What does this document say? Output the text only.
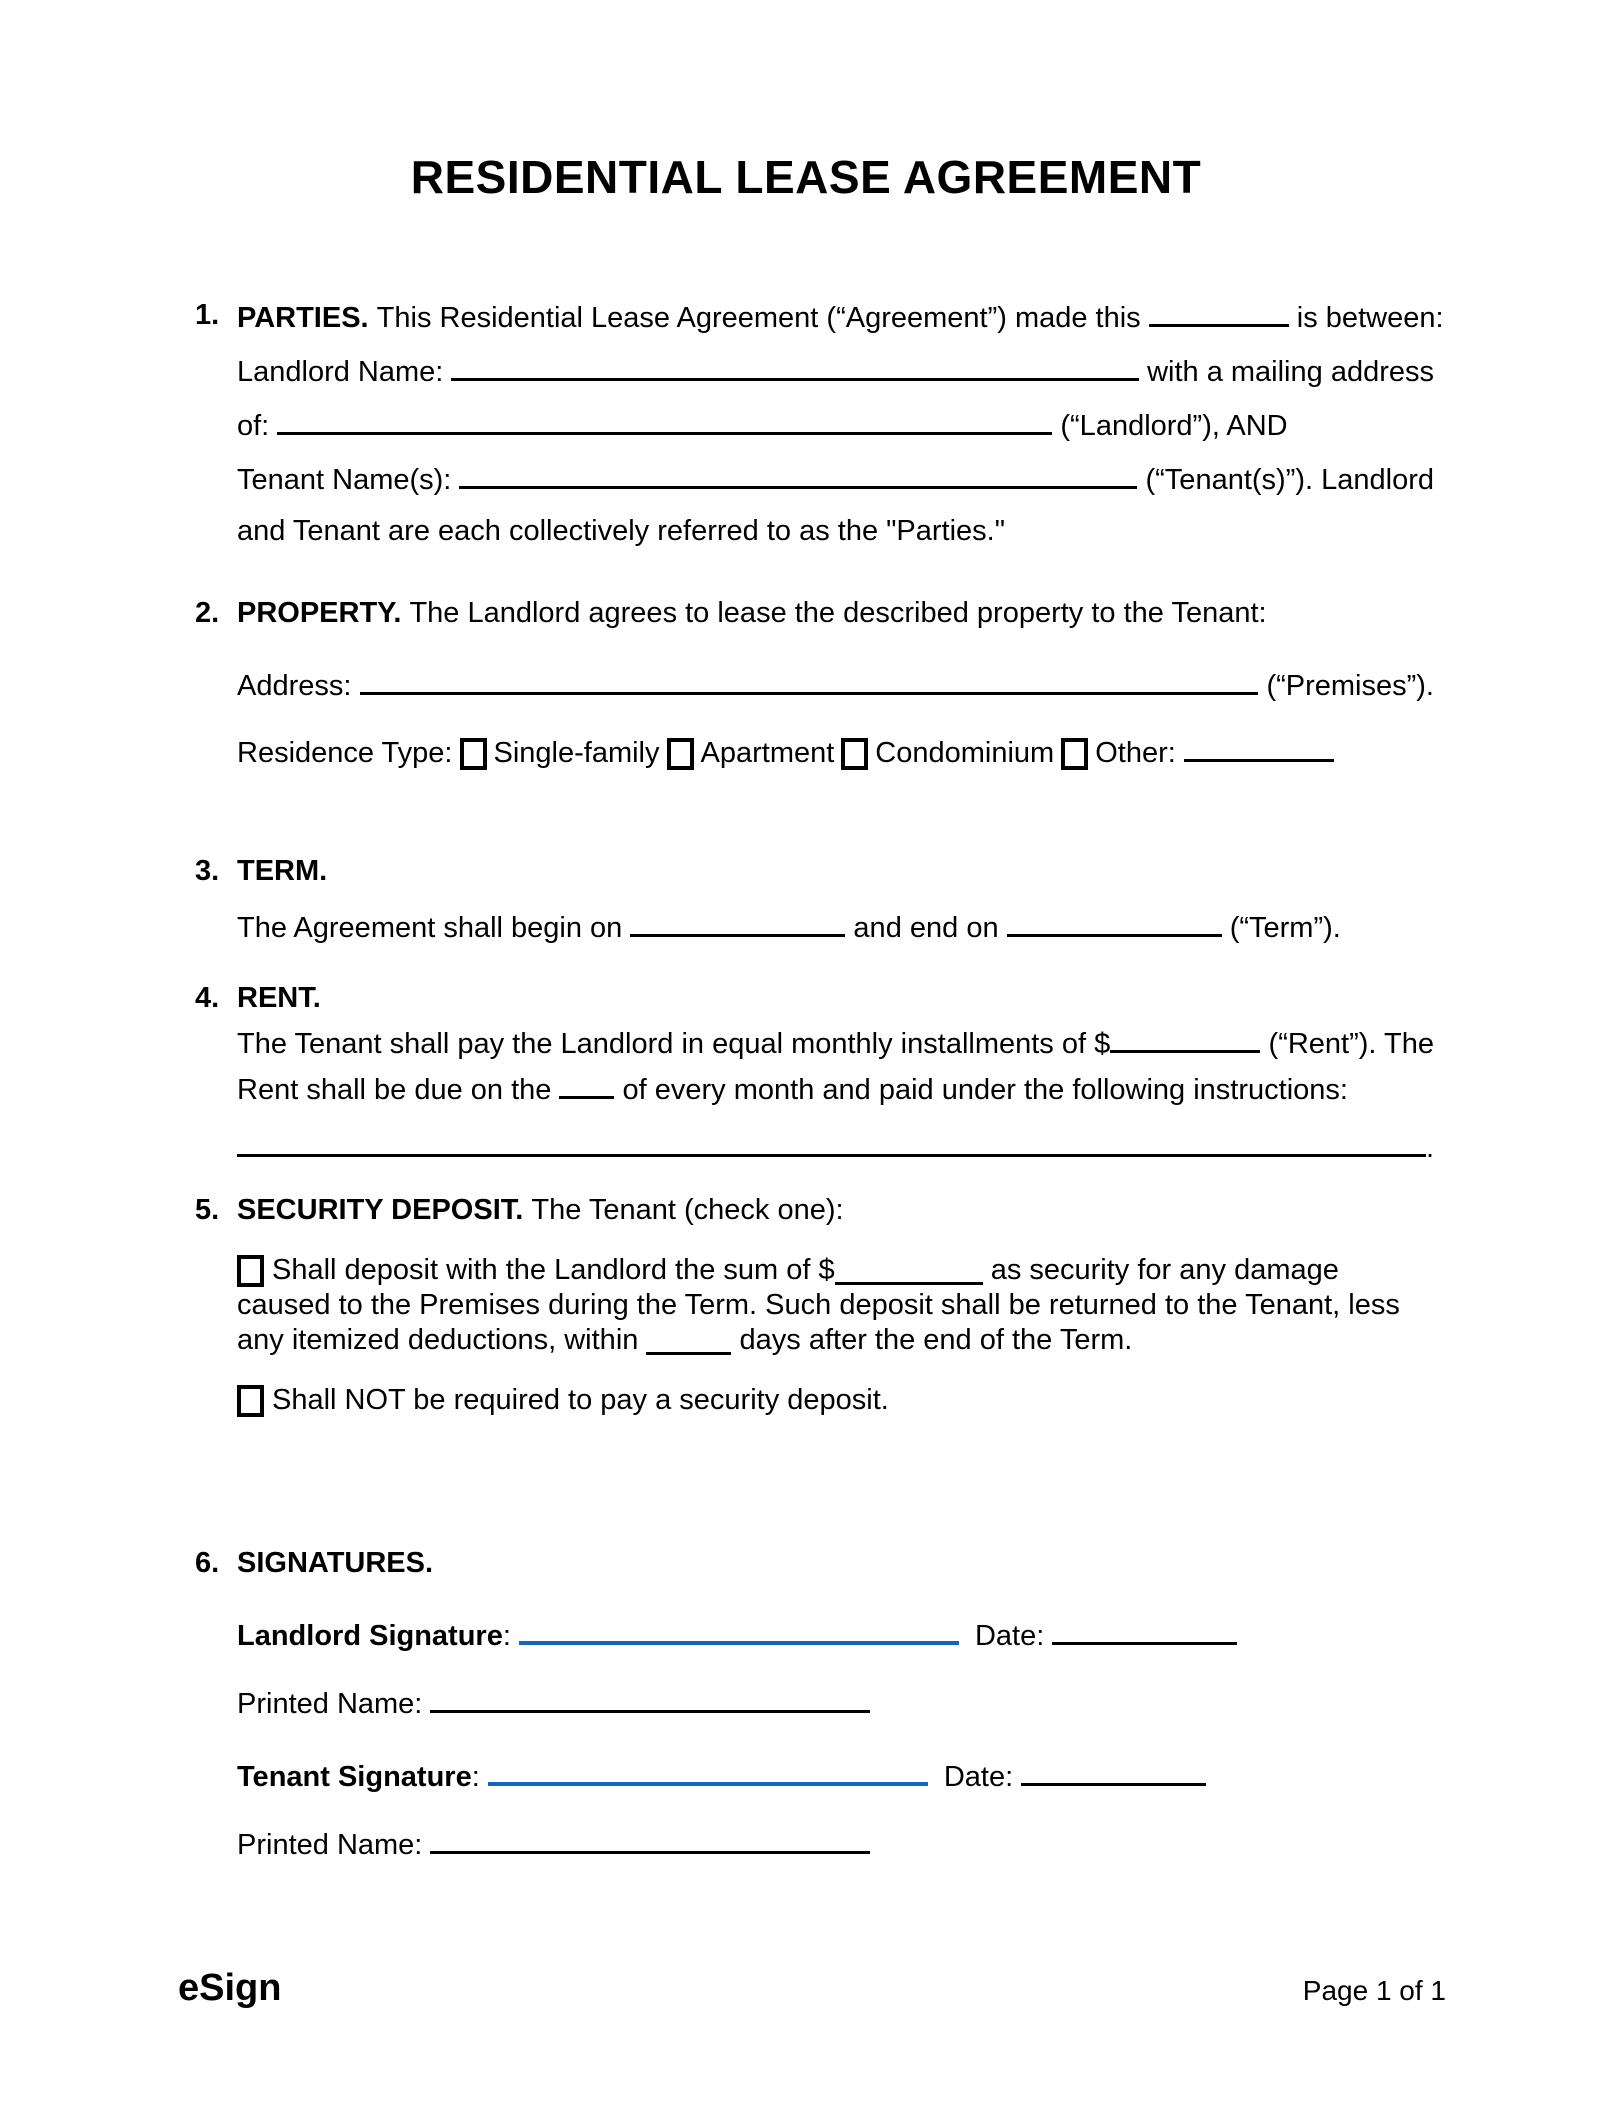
RESIDENTIAL LEASE AGREEMENT
1. PARTIES. This Residential Lease Agreement (“Agreement”) made this	is between:
Landlord Name:	with a mailing address
of:	(“Landlord”), AND
Tenant Name(s):	(“Tenant(s)”). Landlord
and Tenant are each collectively referred to as the "Parties."
2. PROPERTY. The Landlord agrees to lease the described property to the Tenant:
Address:	(“Premises”).
Residence Type: Single-family Apartment Condominium Other:
3. TERM.
The Agreement shall begin on	and end on	(“Term”).
4. RENT.
The Tenant shall pay the Landlord in equal monthly installments of $	(“Rent”). The
Rent shall be due on the of every month and paid under the following instructions:
.
5. SECURITY DEPOSIT. The Tenant (check one):

Shall deposit with the Landlord the sum of $	as security for any damage caused to the Premises during the Term. Such deposit shall be returned to the Tenant, less any itemized deductions, within	days after the end of the Term.

Shall NOT be required to pay a security deposit.

6. SIGNATURES.
Landlord Signature :	Date:
Printed Name:
Tenant Signature :	Date:
Printed Name:
eSign	Page 1 of 1
